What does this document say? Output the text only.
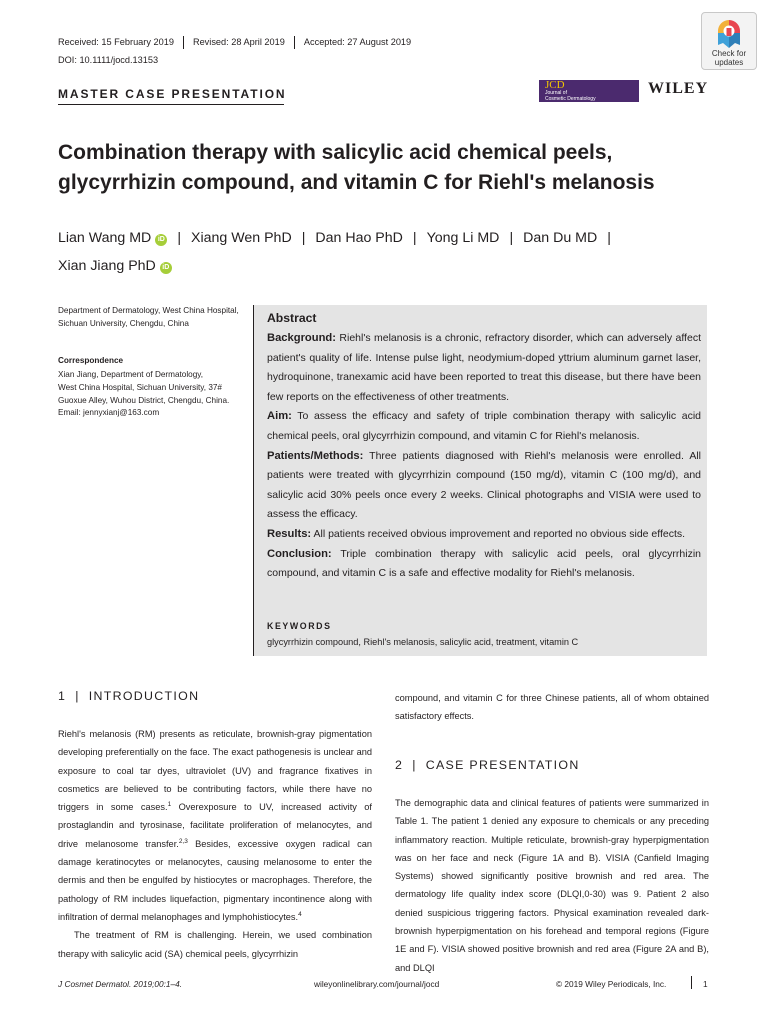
Received: 15 February 2019 Revised: 28 April 2019 Accepted: 27 August 2019
DOI: 10.1111/jocd.13153
MASTER CASE PRESENTATION
Check for
updates
JCD
Journal of
Cosmetic Dermatology
WILEY
Combination therapy with salicylic acid chemical peels, glycyrrhizin compound, and vitamin C for Riehl's melanosis
Lian Wang MD iD | Xiang Wen PhD | Dan Hao PhD | Yong Li MD | Dan Du MD |
Xian Jiang PhD iD
Department of Dermatology, West China Hospital, Sichuan University, Chengdu, China
Correspondence
Xian Jiang, Department of Dermatology,
West China Hospital, Sichuan University, 37# Guoxue Alley, Wuhou District, Chengdu, China.
Email: jennyxianj@163.com
Abstract

Background: Riehl's melanosis is a chronic, refractory disorder, which can adversely affect patient's quality of life. Intense pulse light, neodymium‐doped yttrium aluminum garnet laser, hydroquinone, tranexamic acid have been reported to treat this disease, but there have been few reports on the effectiveness of other treatments.

Aim: To assess the efficacy and safety of triple combination therapy with salicylic acid chemical peels, oral glycyrrhizin compound, and vitamin C for Riehl's melanosis.

Patients/Methods: Three patients diagnosed with Riehl's melanosis were enrolled. All patients were treated with glycyrrhizin compound (150 mg/d), vitamin C (100 mg/d), and salicylic acid 30% peels once every 2 weeks. Clinical photographs and VISIA were used to assess the efficacy.

Results: All patients received obvious improvement and reported no obvious side effects.

Conclusion: Triple combination therapy with salicylic acid peels, oral glycyrrhizin compound, and vitamin C is a safe and effective modality for Riehl's melanosis.

KEYWORDS
glycyrrhizin compound, Riehl's melanosis, salicylic acid, treatment, vitamin C
1 | INTRODUCTION

Riehl's melanosis (RM) presents as reticulate, brownish‐gray pigmentation developing preferentially on the face. The exact pathogenesis is unclear and exposure to coal tar dyes, ultraviolet (UV) and fragrance fixatives in cosmetics are believed to be contributing factors, while there have no triggers in some cases.$^1$ Overexposure to UV, increased activity of prostaglandin and tyrosinase, facilitate proliferation of melanocytes, and drive melanosome transfer.$^{2,3}$ Besides, excessive oxygen radical can damage keratinocytes or melanocytes, causing melanosome to enter the dermis and then be engulfed by histiocytes or macrophages. Therefore, the pathology of RM includes liquefaction, pigmentary incontinence along with infiltration of dermal melanophages and lymphohistiocytes.$^4$

The treatment of RM is challenging. Herein, we used combination therapy with salicylic acid (SA) chemical peels, glycyrrhizin

compound, and vitamin C for three Chinese patients, all of whom obtained satisfactory effects.

2 | CASE PRESENTATION

The demographic data and clinical features of patients were summarized in Table 1. The patient 1 denied any exposure to chemicals or any preceding inflammatory reaction. Multiple reticulate, brownish‐gray hyperpigmentation was on her face and neck (Figure 1A and B). VISIA (Canfield Imaging Systems) showed significantly positive brownish and red area. The dermatology life quality index score (DLQI,0‐30) was 9. Patient 2 also denied suspicious triggering factors. Physical examination revealed dark‐brownish hyperpigmentation on his forehead and temporal regions (Figure 1E and F). VISIA showed positive brownish and red area (Figure 2A and B), and DLQI

J Cosmet Dermatol. 2019;00:1–4.	wileyonlinelibrary.com/journal/jocd	© 2019 Wiley Periodicals, Inc.	1
